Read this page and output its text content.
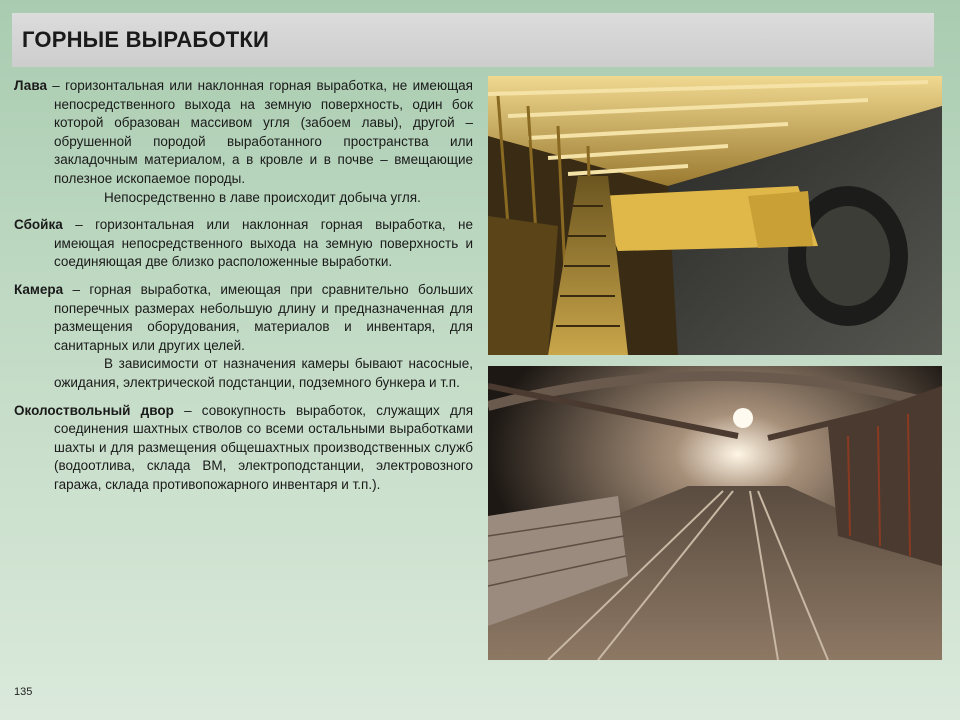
ГОРНЫЕ ВЫРАБОТКИ

Лава – горизонтальная или наклонная горная выработка, не имеющая непосредственного выхода на земную поверхность, один бок которой образован массивом угля (забоем лавы), другой – обрушенной породой выработанного пространства или закладочным материалом, а в кровле и в почве – вмещающие полезное ископаемое породы.
Непосредственно в лаве происходит добыча угля.

Сбойка – горизонтальная или наклонная горная выработка, не имеющая непосредственного выхода на земную поверхность и соединяющая две близко расположенные выработки.

Камера – горная выработка, имеющая при сравнительно больших поперечных размерах небольшую длину и предназначенная для размещения оборудования, материалов и инвентаря, для санитарных или других целей.
В зависимости от назначения камеры бывают насосные, ожидания, электрической подстанции, подземного бункера и т.п.

Околоствольный двор – совокупность выработок, служащих для соединения шахтных стволов со всеми остальными выработками шахты и для размещения общешахтных производственных служб (водоотлива, склада ВМ, электроподстанции, электровозного гаража, склада противопожарного инвентаря и т.п.).

135
